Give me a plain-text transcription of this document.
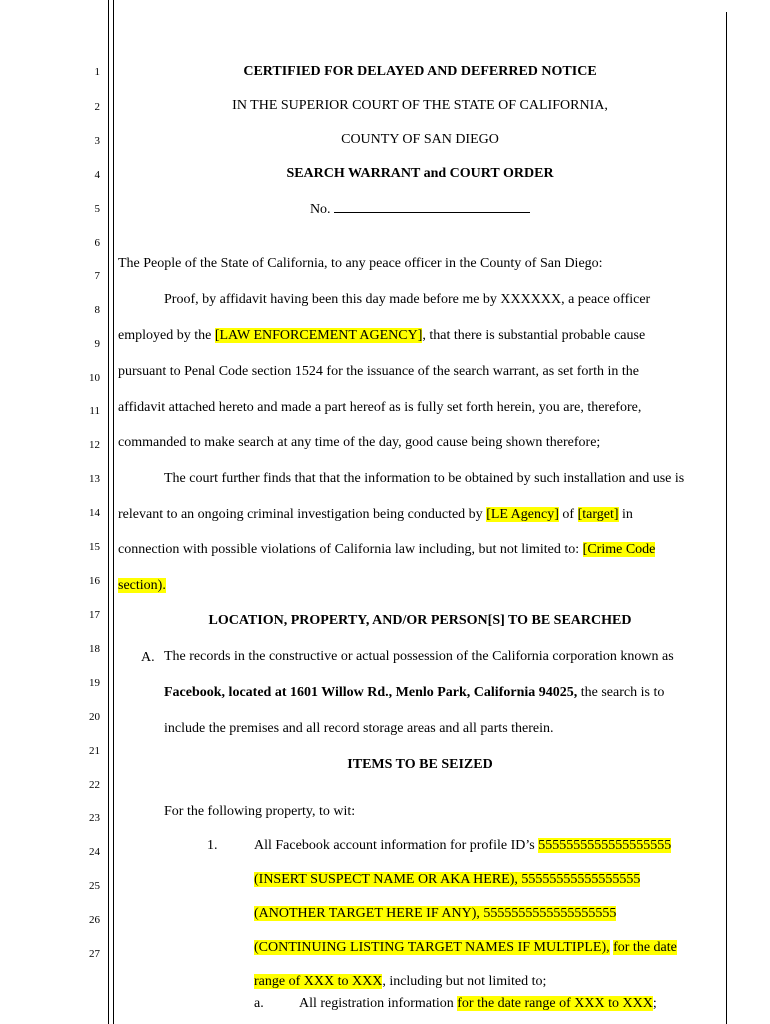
1
2
3
4
5
6
7
8
9
10
11
12
13
14
15
16
17
18
19
20
21
22
23
24
25
26
27
CERTIFIED FOR DELAYED AND DEFERRED NOTICE
IN THE SUPERIOR COURT OF THE STATE OF CALIFORNIA,
COUNTY OF SAN DIEGO
SEARCH WARRANT and COURT ORDER
No.
The People of the State of California, to any peace officer in the County of San Diego:
Proof, by affidavit having been this day made before me by XXXXXX, a peace officer
employed by the [LAW ENFORCEMENT AGENCY], that there is substantial probable cause
pursuant to Penal Code section 1524 for the issuance of the search warrant, as set forth in the
affidavit attached hereto and made a part hereof as is fully set forth herein, you are, therefore,
commanded to make search at any time of the day, good cause being shown therefore;
The court further finds that that the information to be obtained by such installation and use is
relevant to an ongoing criminal investigation being conducted by [LE Agency] of [target] in
connection with possible violations of California law including, but not limited to: [Crime Code
section).
LOCATION, PROPERTY, AND/OR PERSON[S] TO BE SEARCHED
A. The records in the constructive or actual possession of the California corporation known as
Facebook, located at 1601 Willow Rd., Menlo Park, California 94025, the search is to
include the premises and all record storage areas and all parts therein.
ITEMS TO BE SEIZED
For the following property, to wit:
1.	All Facebook account information for profile ID’s 5555555555555555555
(INSERT SUSPECT NAME OR AKA HERE), 55555555555555555
(ANOTHER TARGET HERE IF ANY), 5555555555555555555
(CONTINUING LISTING TARGET NAMES IF MULTIPLE), for the date
range of XXX to XXX, including but not limited to;
a.	All registration information for the date range of XXX to XXX;
